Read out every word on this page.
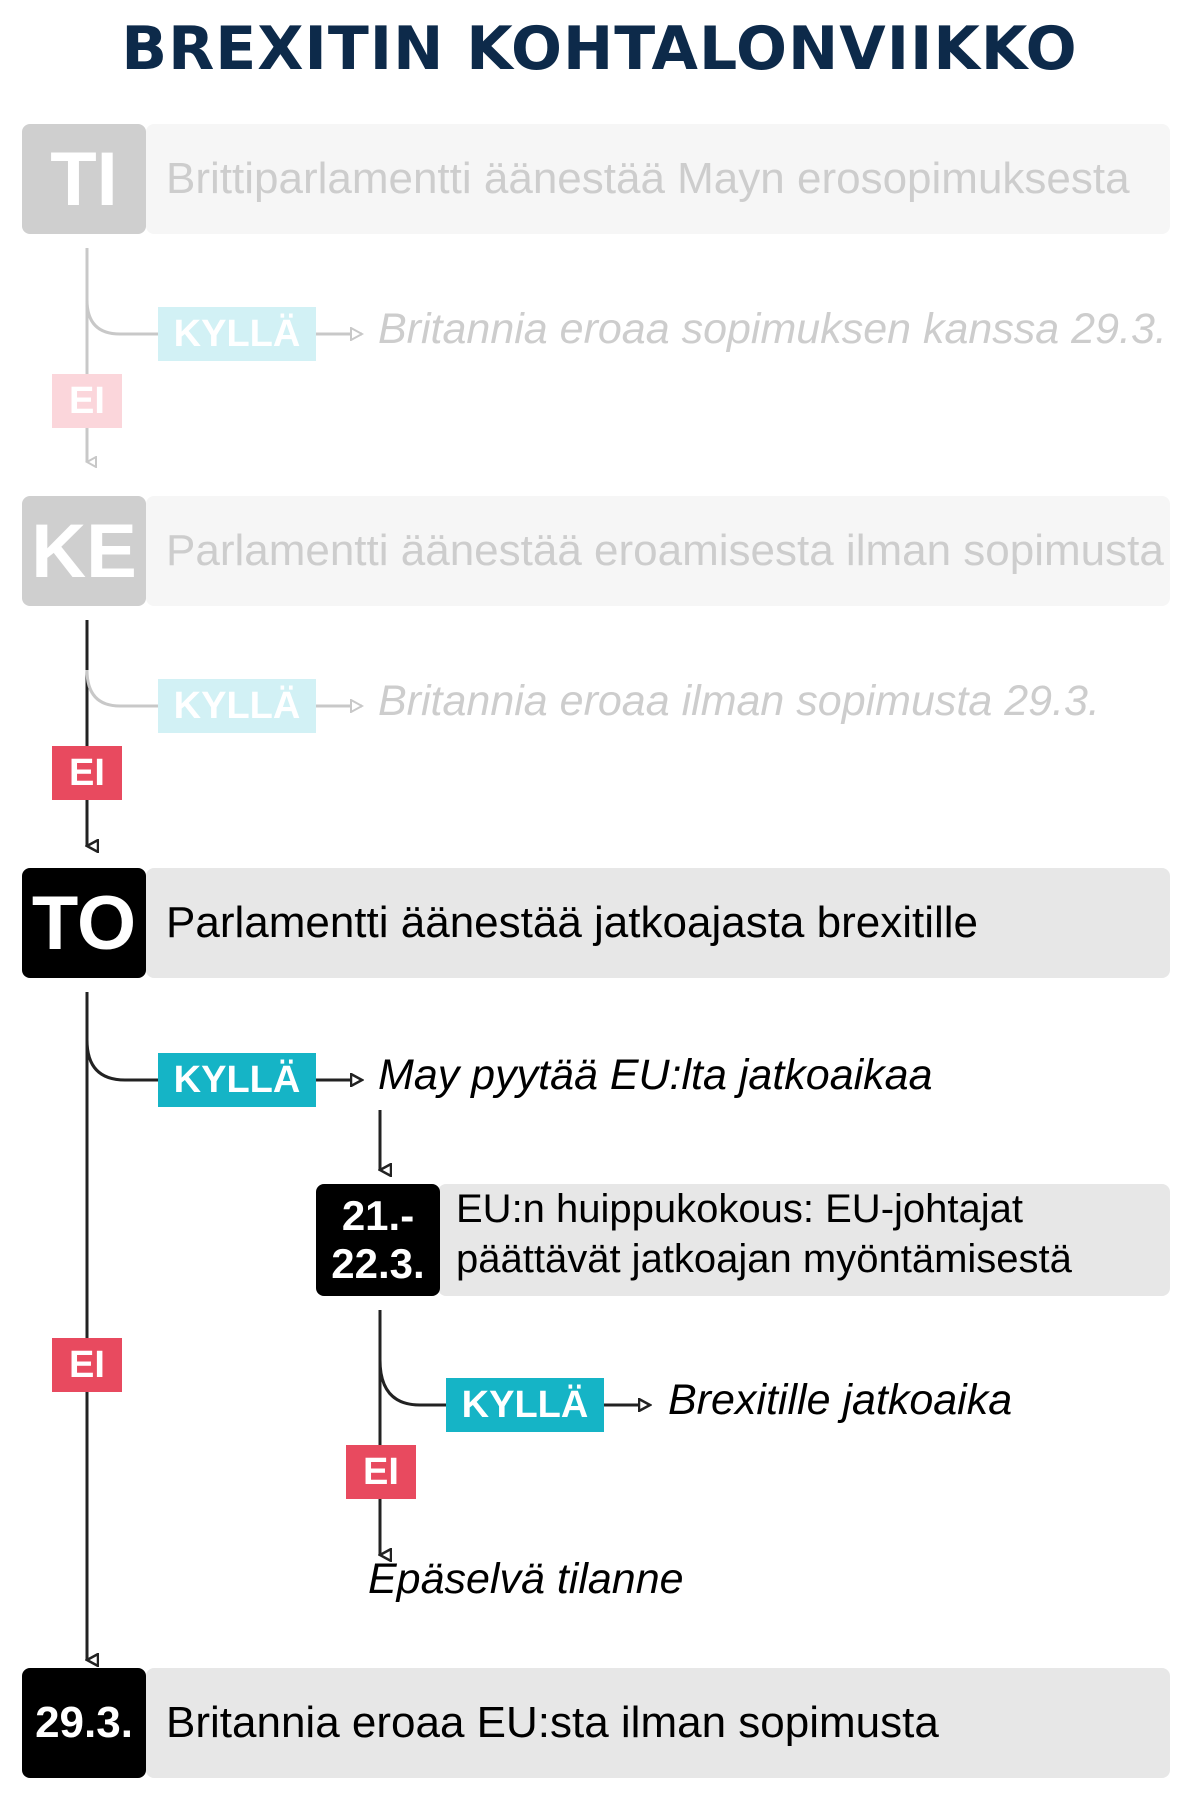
BREXITIN KOHTALONVIIKKO
Brittiparlamentti äänestää Mayn erosopimuksesta
TI
KYLLÄ	Britannia eroaa sopimuksen kanssa 29.3.
EI
Parlamentti äänestää eroamisesta ilman sopimusta
KE
KYLLÄ	Britannia eroaa ilman sopimusta 29.3.
EI
Parlamentti äänestää jatkoajasta brexitille
TO
KYLLÄ	May pyytää EU:lta jatkoaikaa
EI
21.-
22.3.
EU:n huippukokous: EU-johtajat
päättävät jatkoajan myöntämisestä
KYLLÄ	Brexitille jatkoaika
EI
Epäselvä tilanne
Britannia eroaa EU:sta ilman sopimusta
29.3.
